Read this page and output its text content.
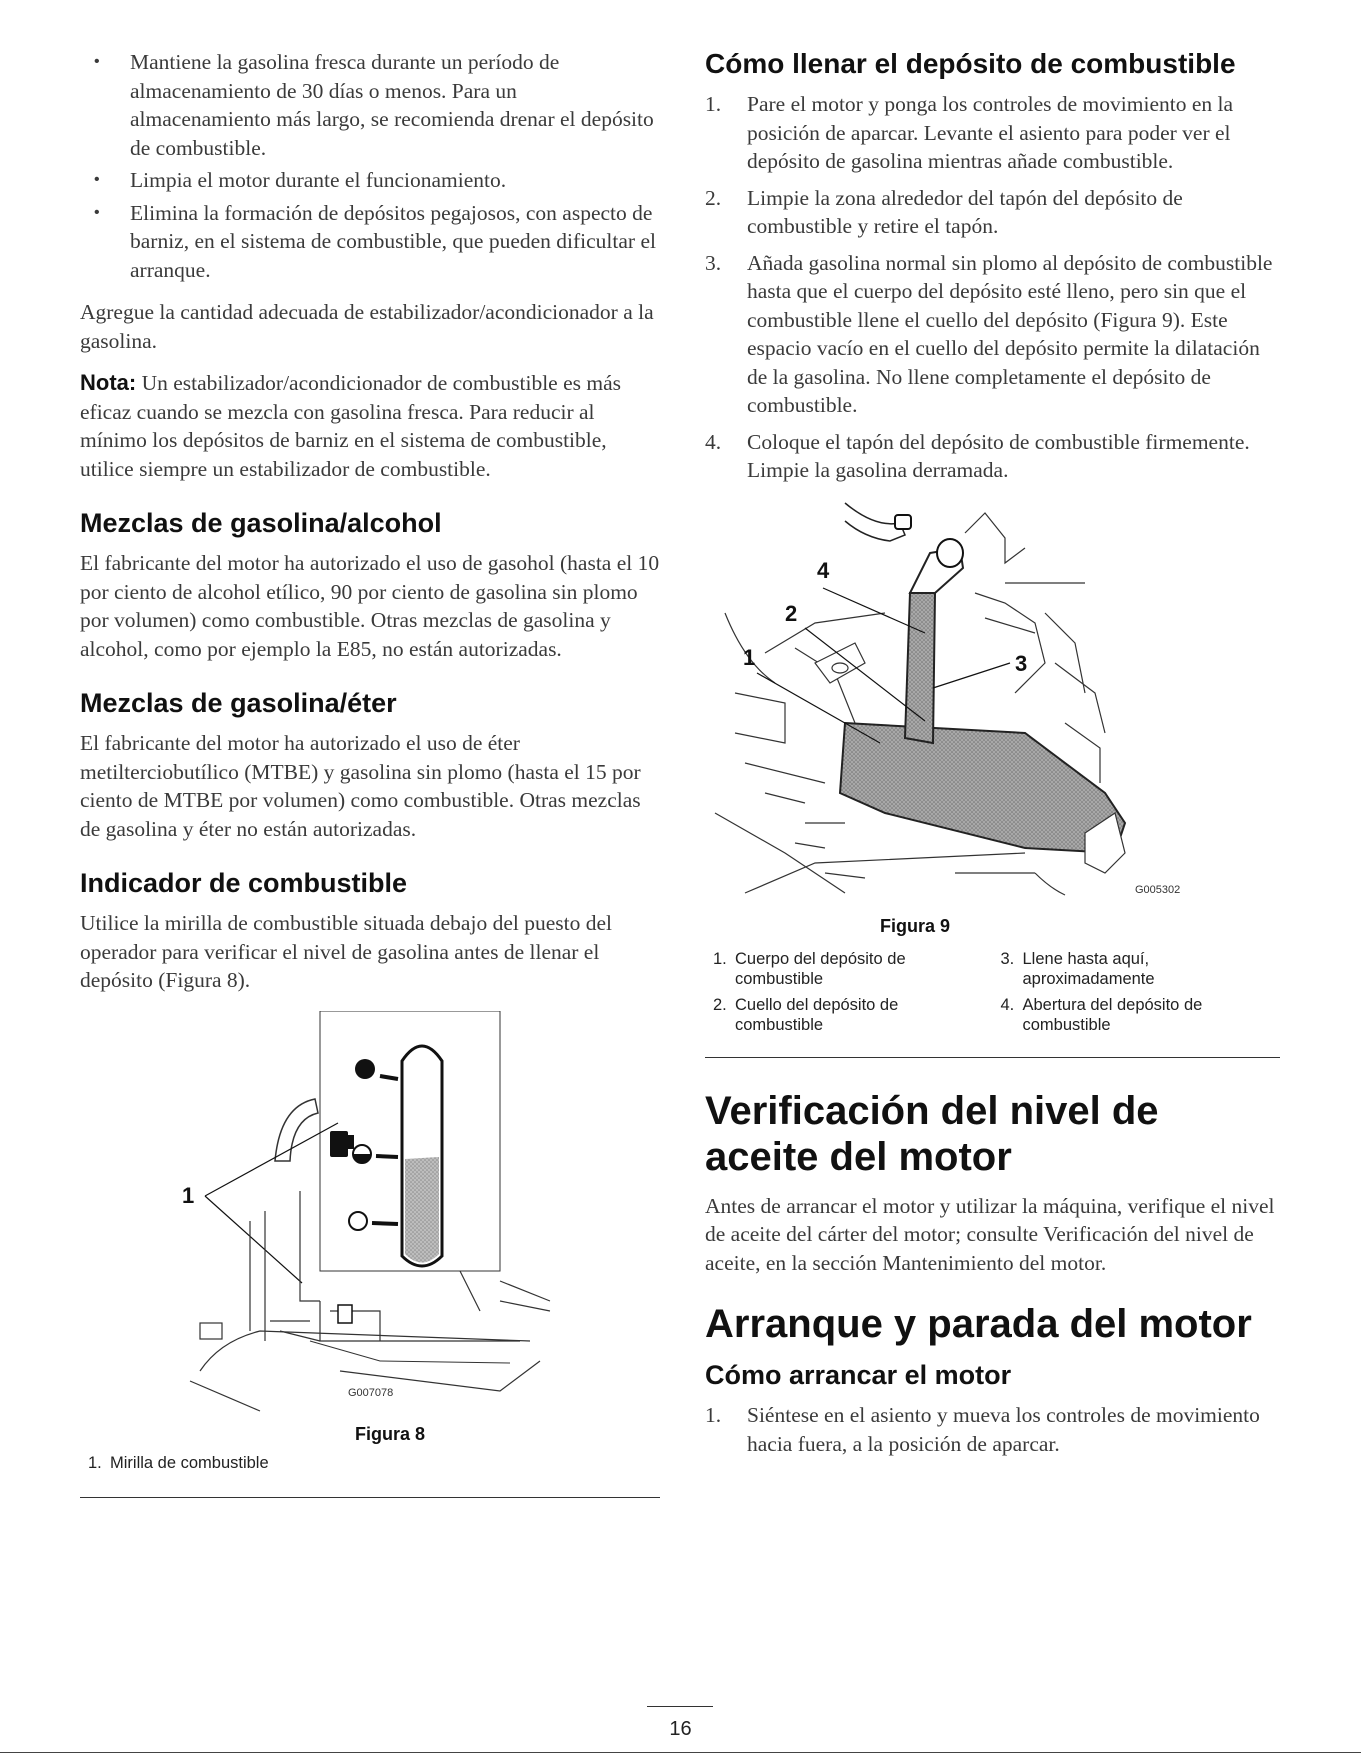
• Mantiene la gasolina fresca durante un período de almacenamiento de 30 días o menos. Para un almacenamiento más largo, se recomienda drenar el depósito de combustible.
• Limpia el motor durante el funcionamiento.
• Elimina la formación de depósitos pegajosos, con aspecto de barniz, en el sistema de combustible, que pueden dificultar el arranque.

Agregue la cantidad adecuada de estabilizador/acondicionador a la gasolina.

Nota: Un estabilizador/acondicionador de combustible es más eficaz cuando se mezcla con gasolina fresca. Para reducir al mínimo los depósitos de barniz en el sistema de combustible, utilice siempre un estabilizador de combustible.

Mezclas de gasolina/alcohol

El fabricante del motor ha autorizado el uso de gasohol (hasta el 10 por ciento de alcohol etílico, 90 por ciento de gasolina sin plomo por volumen) como combustible. Otras mezclas de gasolina y alcohol, como por ejemplo la E85, no están autorizadas.

Mezclas de gasolina/éter

El fabricante del motor ha autorizado el uso de éter metilterciobutílico (MTBE) y gasolina sin plomo (hasta el 15 por ciento de MTBE por volumen) como combustible. Otras mezclas de gasolina y éter no están autorizadas.

Indicador de combustible

Utilice la mirilla de combustible situada debajo del puesto del operador para verificar el nivel de gasolina antes de llenar el depósito (Figura 8).

1
G007078
Figura 8
1. Mirilla de combustible
Cómo llenar el depósito de combustible
1. Pare el motor y ponga los controles de movimiento en la posición de aparcar. Levante el asiento para poder ver el depósito de gasolina mientras añade combustible.
2. Limpie la zona alrededor del tapón del depósito de combustible y retire el tapón.
3. Añada gasolina normal sin plomo al depósito de combustible hasta que el cuerpo del depósito esté lleno, pero sin que el combustible llene el cuello del depósito (Figura 9). Este espacio vacío en el cuello del depósito permite la dilatación de la gasolina. No llene completamente el depósito de combustible.
4. Coloque el tapón del depósito de combustible firmemente. Limpie la gasolina derramada.
4
2
1	3
G005302
Figura 9
1. Cuerpo del depósito de combustible
3. Llene hasta aquí, aproximadamente
2. Cuello del depósito de combustible
4. Abertura del depósito de combustible
Verificación del nivel de aceite del motor

Antes de arrancar el motor y utilizar la máquina, verifique el nivel de aceite del cárter del motor; consulte Verificación del nivel de aceite, en la sección Mantenimiento del motor.

Arranque y parada del motor
Cómo arrancar el motor
1. Siéntese en el asiento y mueva los controles de movimiento hacia fuera, a la posición de aparcar.
16
